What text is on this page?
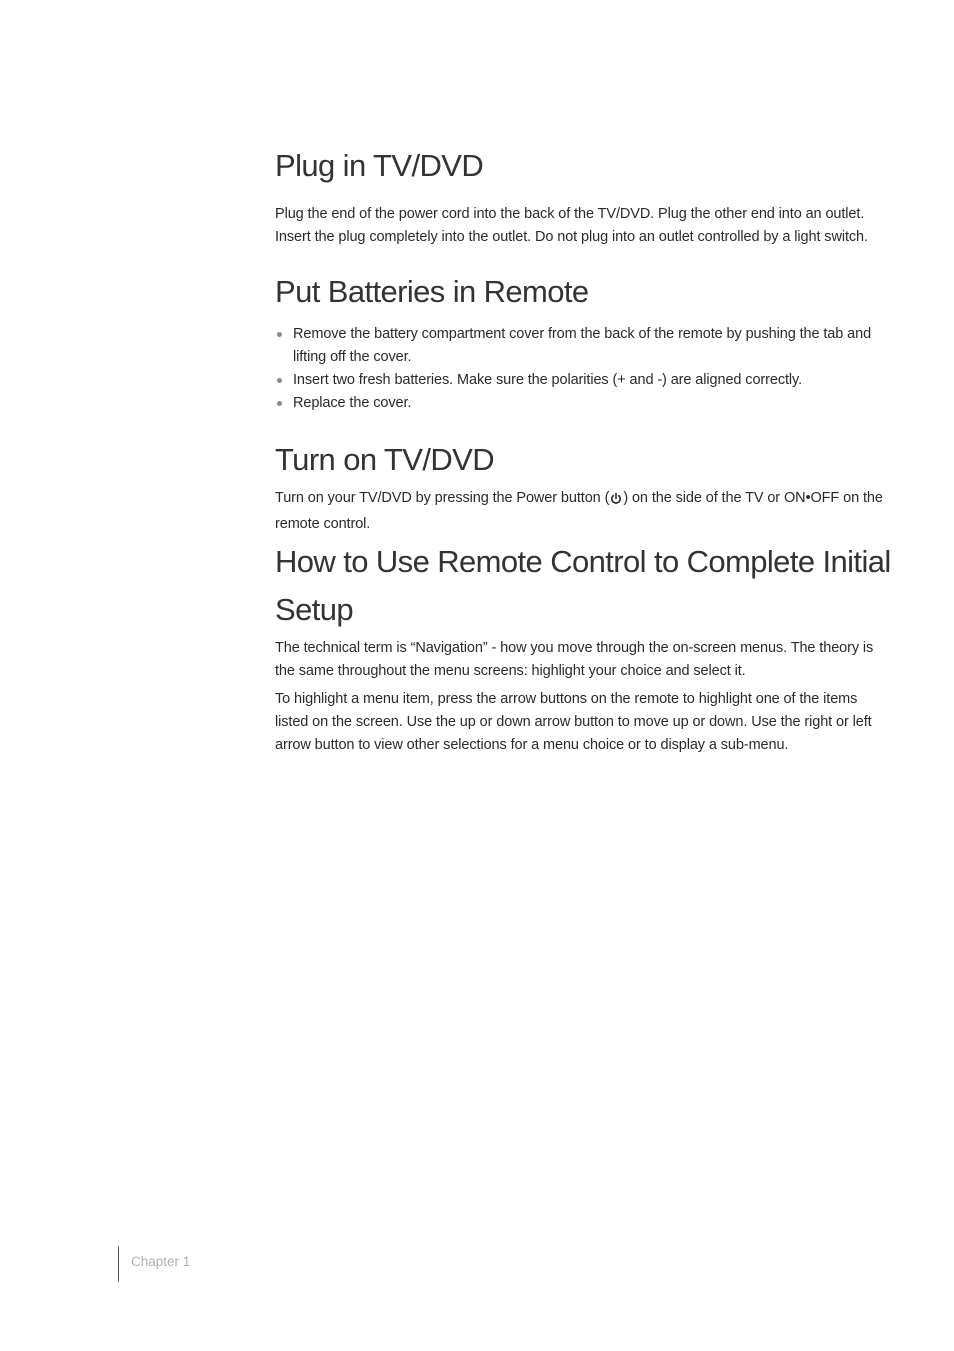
Plug in TV/DVD

Plug the end of the power cord into the back of the TV/DVD. Plug the other end into an outlet. Insert the plug completely into the outlet. Do not plug into an outlet controlled by a light switch.

Put Batteries in Remote
Remove the battery compartment cover from the back of the remote by pushing the tab and lifting off the cover.
Insert two fresh batteries. Make sure the polarities (+ and -) are aligned correctly.
Replace the cover.
Turn on TV/DVD

Turn on your TV/DVD by pressing the Power button ( ) on the side of the TV or ON•OFF on the remote control.

How to Use Remote Control to Complete Initial Setup

The technical term is “Navigation” - how you move through the on-screen menus. The theory is the same throughout the menu screens: highlight your choice and select it.

To highlight a menu item, press the arrow buttons on the remote to highlight one of the items listed on the screen. Use the up or down arrow button to move up or down. Use the right or left arrow button to view other selections for a menu choice or to display a sub-menu.

Chapter 1
